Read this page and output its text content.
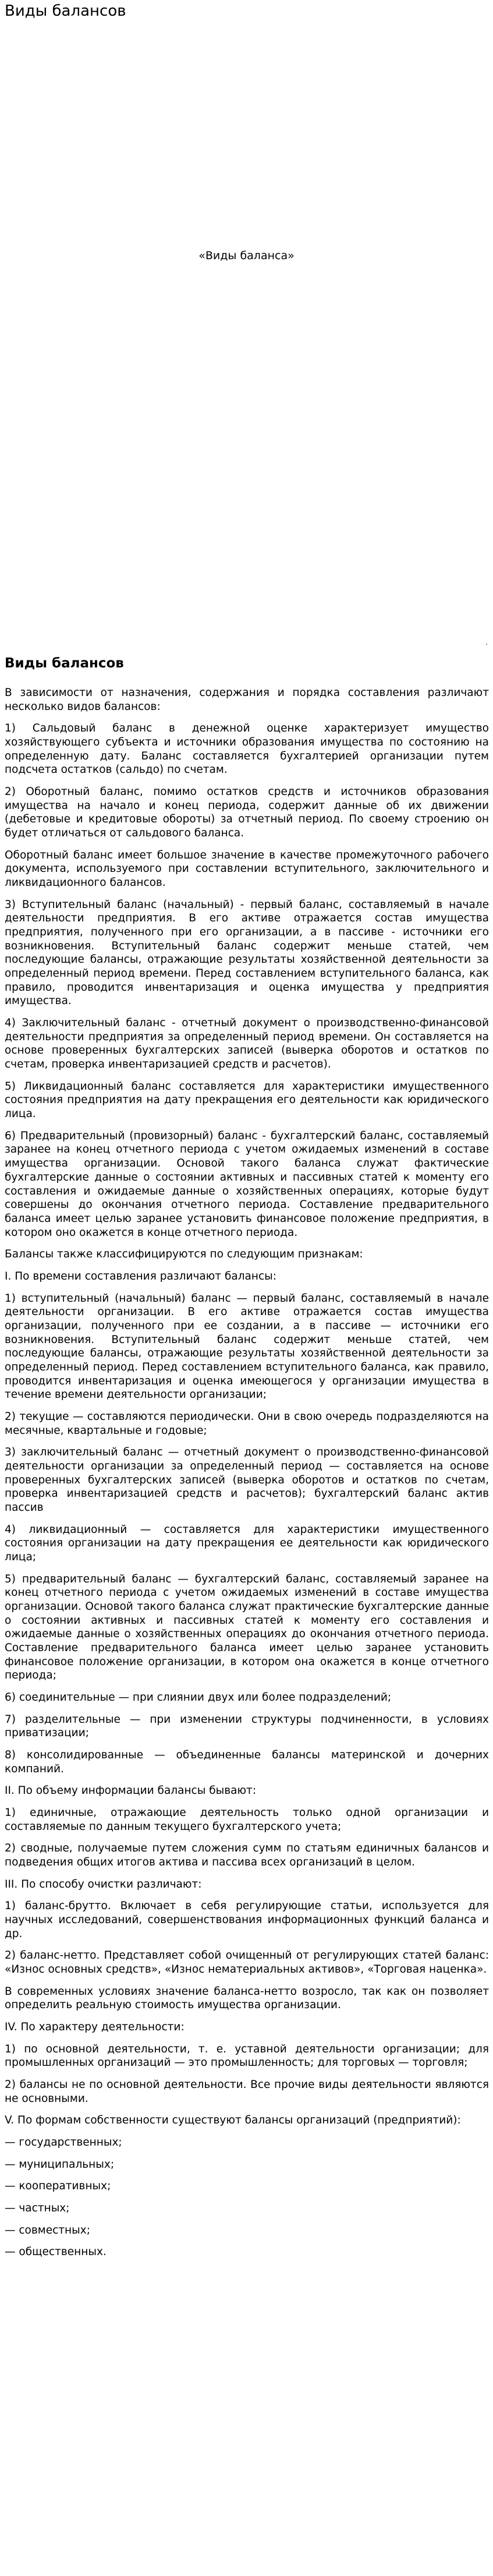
Виды балансов
«Виды баланса»
.
Виды балансов

В зависимости от назначения, содержания и порядка составления различают несколько видов балансов:

1) Сальдовый баланс в денежной оценке характеризует имущество хозяйствующего субъекта и источники образования имущества по состоянию на определенную дату. Баланс составляется бухгалтерией организации путем подсчета остатков (сальдо) по счетам.

2) Оборотный баланс, помимо остатков средств и источников образования имущества на начало и конец периода, содержит данные об их движении (дебетовые и кредитовые обороты) за отчетный период. По своему строению он будет отличаться от сальдового баланса.

Оборотный баланс имеет большое значение в качестве промежуточного рабочего документа, используемого при составлении вступительного, заключительного и ликвидационного балансов.

3) Вступительный баланс (начальный) - первый баланс, составляемый в начале деятельности предприятия. В его активе отражается состав имущества предприятия, полученного при его организации, а в пассиве - источники его возникновения. Вступительный баланс содержит меньше статей, чем последующие балансы, отражающие результаты хозяйственной деятельности за определенный период времени. Перед составлением вступительного баланса, как правило, проводится инвентаризация и оценка имущества у предприятия имущества.

4) Заключительный баланс - отчетный документ о производственно-финансовой деятельности предприятия за определенный период времени. Он составляется на основе проверенных бухгалтерских записей (выверка оборотов и остатков по счетам, проверка инвентаризацией средств и расчетов).

5) Ликвидационный баланс составляется для характеристики имущественного состояния предприятия на дату прекращения его деятельности как юридического лица.

6) Предварительный (провизорный) баланс - бухгалтерский баланс, составляемый заранее на конец отчетного периода с учетом ожидаемых изменений в составе имущества организации. Основой такого баланса служат фактические бухгалтерские данные о состоянии активных и пассивных статей к моменту его составления и ожидаемые данные о хозяйственных операциях, которые будут совершены до окончания отчетного периода. Составление предварительного баланса имеет целью заранее установить финансовое положение предприятия, в котором оно окажется в конце отчетного периода.

Балансы также классифицируются по следующим признакам:

I. По времени составления различают балансы:

1) вступительный (начальный) баланс — первый баланс, составляемый в начале деятельности организации. В его активе отражается состав имущества организации, полученного при ее создании, а в пассиве — источники его возникновения. Вступительный баланс содержит меньше статей, чем последующие балансы, отражающие результаты хозяйственной деятельности за определенный период. Перед составлением вступительного баланса, как правило, проводится инвентаризация и оценка имеющегося у организации имущества в течение времени деятельности организации;

2) текущие — составляются периодически. Они в свою очередь подразделяются на месячные, квартальные и годовые;

3) заключительный баланс — отчетный документ о производственно-финансовой деятельности организации за определенный период — составляется на основе проверенных бухгалтерских записей (выверка оборотов и остатков по счетам, проверка инвентаризацией средств и расчетов); бухгалтерский баланс актив пассив

4) ликвидационный — составляется для характеристики имущественного состояния организации на дату прекращения ее деятельности как юридического лица;

5) предварительный баланс — бухгалтерский баланс, составляемый заранее на конец отчетного периода с учетом ожидаемых изменений в составе имущества организации. Основой такого баланса служат практические бухгалтерские данные о состоянии активных и пассивных статей к моменту его составления и ожидаемые данные о хозяйственных операциях до окончания отчетного периода. Составление предварительного баланса имеет целью заранее установить финансовое положение организации, в котором она окажется в конце отчетного периода;

6) соединительные — при слиянии двух или более подразделений;

7) разделительные — при изменении структуры подчиненности, в условиях приватизации;

8) консолидированные — объединенные балансы материнской и дочерних компаний.

II. По объему информации балансы бывают:

1) единичные, отражающие деятельность только одной организации и составляемые по данным текущего бухгалтерского учета;

2) сводные, получаемые путем сложения сумм по статьям единичных балансов и подведения общих итогов актива и пассива всех организаций в целом.

III. По способу очистки различают:

1) баланс-брутто. Включает в себя регулирующие статьи, используется для научных исследований, совершенствования информационных функций баланса и др.

2) баланс-нетто. Представляет собой очищенный от регулирующих статей баланс: «Износ основных средств», «Износ нематериальных активов», «Торговая наценка».

В современных условиях значение баланса-нетто возросло, так как он позволяет определить реальную стоимость имущества организации.

IV. По характеру деятельности:

1) по основной деятельности, т. е. уставной деятельности организации; для промышленных организаций — это промышленность; для торговых — торговля;

2) балансы не по основной деятельности. Все прочие виды деятельности являются не основными.

V. По формам собственности существуют балансы организаций (предприятий):

— государственных;

— муниципальных;

— кооперативных;

— частных;

— совместных;

— общественных.
